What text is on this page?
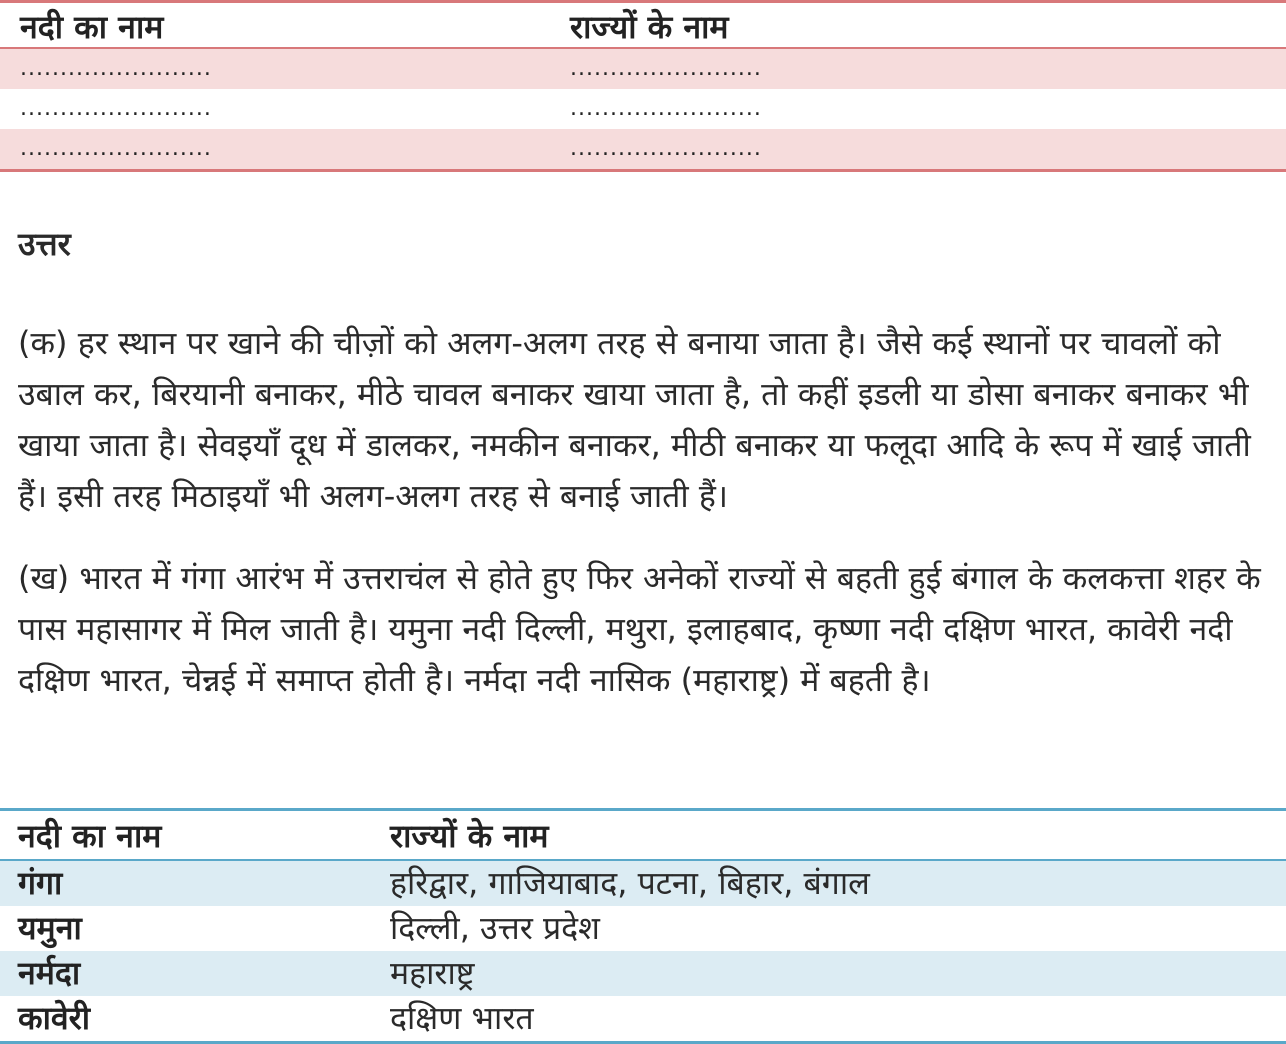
नदी का नाम	राज्यों के नाम
........................	........................
........................	........................
........................	........................
उत्तर

(क) हर स्थान पर खाने की चीज़ों को अलग-अलग तरह से बनाया जाता है। जैसे कई स्थानों पर चावलों को उबाल कर, बिरयानी बनाकर, मीठे चावल बनाकर खाया जाता है, तो कहीं इडली या डोसा बनाकर बनाकर भी खाया जाता है। सेवइयाँ दूध में डालकर, नमकीन बनाकर, मीठी बनाकर या फलूदा आदि के रूप में खाई जाती हैं। इसी तरह मिठाइयाँ भी अलग-अलग तरह से बनाई जाती हैं।

(ख) भारत में गंगा आरंभ में उत्तराचंल से होते हुए फिर अनेकों राज्यों से बहती हुई बंगाल के कलकत्ता शहर के पास महासागर में मिल जाती है। यमुना नदी दिल्ली, मथुरा, इलाहबाद, कृष्णा नदी दक्षिण भारत, कावेरी नदी दक्षिण भारत, चेन्नई में समाप्त होती है। नर्मदा नदी नासिक (महाराष्ट्र) में बहती है।

नदी का नाम	राज्यों के नाम
गंगा	हरिद्वार, गाजियाबाद, पटना, बिहार, बंगाल
यमुना	दिल्ली, उत्तर प्रदेश
नर्मदा	महाराष्ट्र
कावेरी	दक्षिण भारत
